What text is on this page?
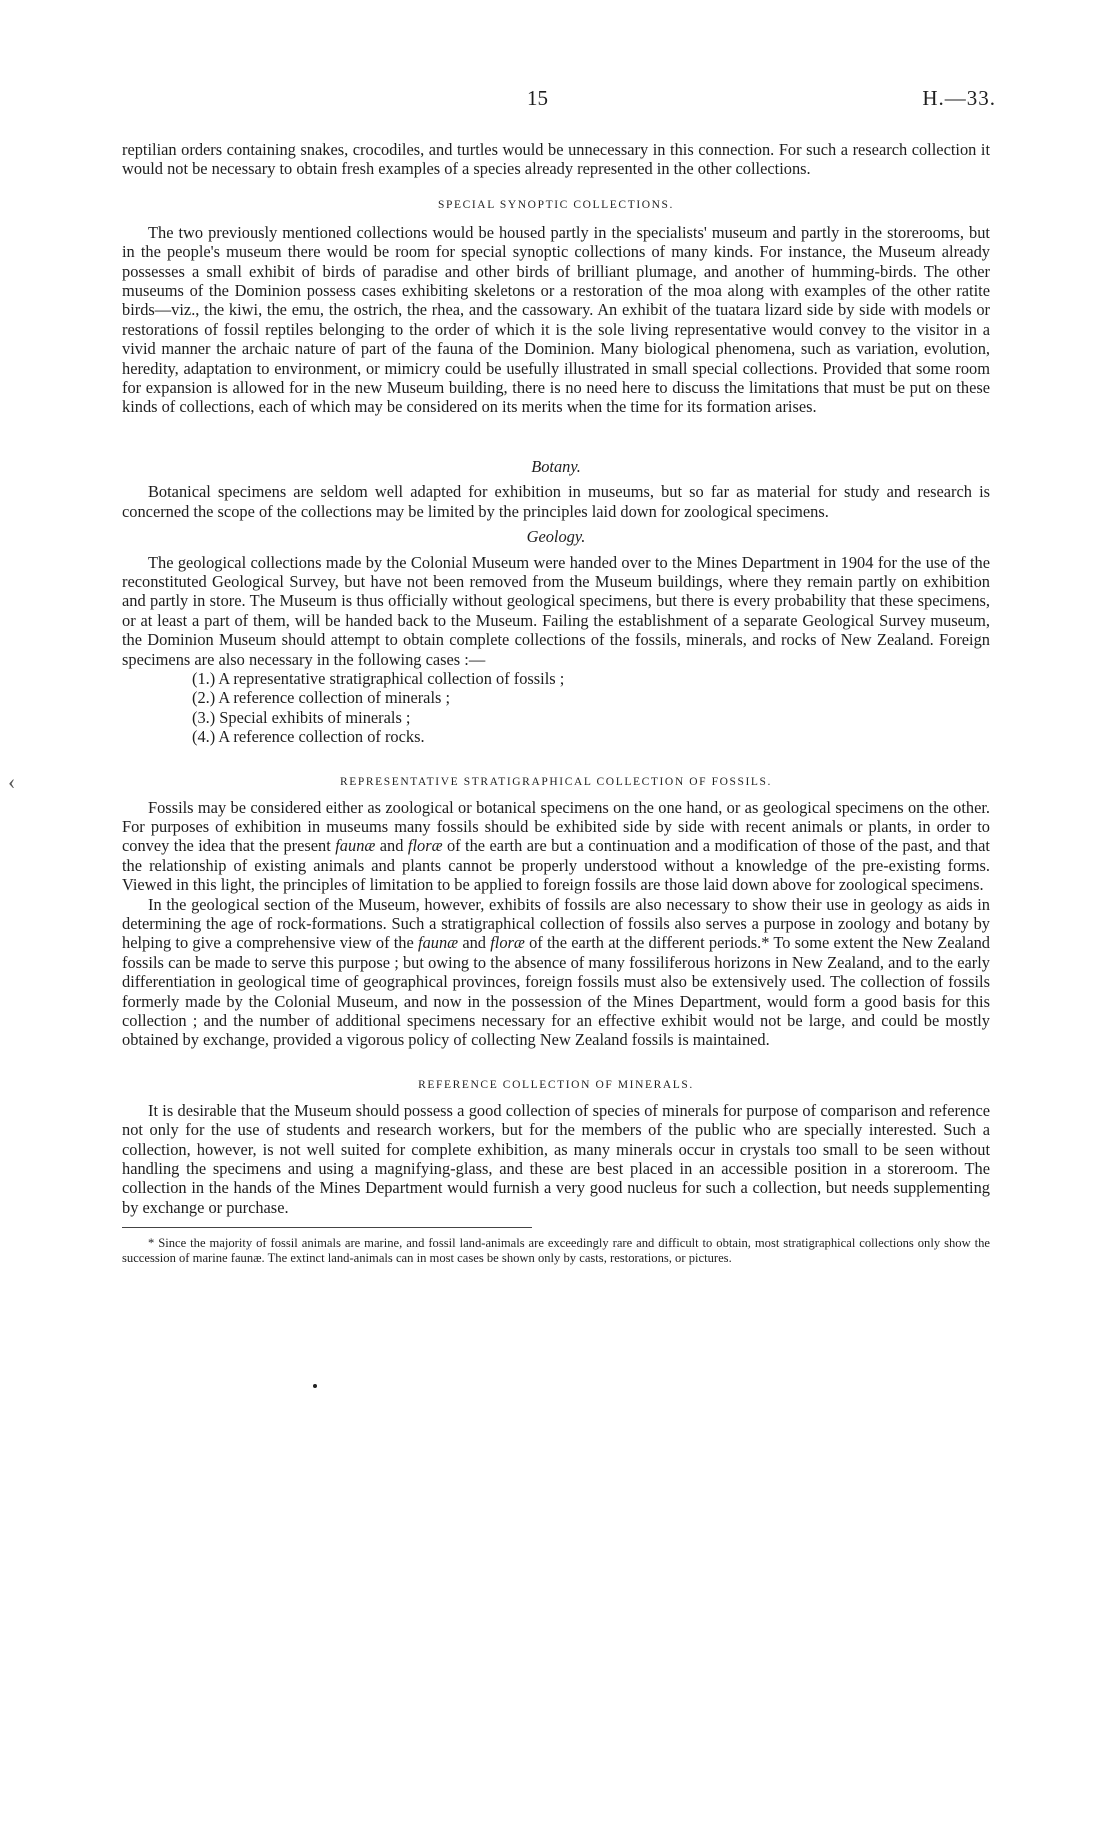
‹
15	H.—33.

reptilian orders containing snakes, crocodiles, and turtles would be unnecessary in this connection. For such a research collection it would not be necessary to obtain fresh examples of a species already represented in the other collections.

SPECIAL SYNOPTIC COLLECTIONS.

The two previously mentioned collections would be housed partly in the specialists' museum and partly in the storerooms, but in the people's museum there would be room for special synoptic collections of many kinds. For instance, the Museum already possesses a small exhibit of birds of paradise and other birds of brilliant plumage, and another of humming-birds. The other museums of the Dominion possess cases exhibiting skeletons or a restoration of the moa along with examples of the other ratite birds—viz., the kiwi, the emu, the ostrich, the rhea, and the cassowary. An exhibit of the tuatara lizard side by side with models or restorations of fossil reptiles belonging to the order of which it is the sole living representative would convey to the visitor in a vivid manner the archaic nature of part of the fauna of the Dominion. Many biological phenomena, such as variation, evolution, heredity, adaptation to environment, or mimicry could be usefully illustrated in small special collections. Provided that some room for expansion is allowed for in the new Museum building, there is no need here to discuss the limitations that must be put on these kinds of collections, each of which may be considered on its merits when the time for its formation arises.

Botany.

Botanical specimens are seldom well adapted for exhibition in museums, but so far as material for study and research is concerned the scope of the collections may be limited by the principles laid down for zoological specimens.

Geology.

The geological collections made by the Colonial Museum were handed over to the Mines Department in 1904 for the use of the reconstituted Geological Survey, but have not been removed from the Museum buildings, where they remain partly on exhibition and partly in store. The Museum is thus officially without geological specimens, but there is every probability that these specimens, or at least a part of them, will be handed back to the Museum. Failing the establishment of a separate Geological Survey museum, the Dominion Museum should attempt to obtain complete collections of the fossils, minerals, and rocks of New Zealand. Foreign specimens are also necessary in the following cases :—

(1.) A representative stratigraphical collection of fossils ;
(2.) A reference collection of minerals ;
(3.) Special exhibits of minerals ;
(4.) A reference collection of rocks.

REPRESENTATIVE STRATIGRAPHICAL COLLECTION OF FOSSILS.

Fossils may be considered either as zoological or botanical specimens on the one hand, or as geological specimens on the other. For purposes of exhibition in museums many fossils should be exhibited side by side with recent animals or plants, in order to convey the idea that the present faunæ and floræ of the earth are but a continuation and a modification of those of the past, and that the relationship of existing animals and plants cannot be properly understood without a knowledge of the pre-existing forms. Viewed in this light, the principles of limitation to be applied to foreign fossils are those laid down above for zoological specimens.

In the geological section of the Museum, however, exhibits of fossils are also necessary to show their use in geology as aids in determining the age of rock-formations. Such a stratigraphical collection of fossils also serves a purpose in zoology and botany by helping to give a comprehensive view of the faunæ and floræ of the earth at the different periods.* To some extent the New Zealand fossils can be made to serve this purpose ; but owing to the absence of many fossiliferous horizons in New Zealand, and to the early differentiation in geological time of geographical provinces, foreign fossils must also be extensively used. The collection of fossils formerly made by the Colonial Museum, and now in the possession of the Mines Department, would form a good basis for this collection ; and the number of additional specimens necessary for an effective exhibit would not be large, and could be mostly obtained by exchange, provided a vigorous policy of collecting New Zealand fossils is maintained.

REFERENCE COLLECTION OF MINERALS.

It is desirable that the Museum should possess a good collection of species of minerals for purpose of comparison and reference not only for the use of students and research workers, but for the members of the public who are specially interested. Such a collection, however, is not well suited for complete exhibition, as many minerals occur in crystals too small to be seen without handling the specimens and using a magnifying-glass, and these are best placed in an accessible position in a storeroom. The collection in the hands of the Mines Department would furnish a very good nucleus for such a collection, but needs supplementing by exchange or purchase.

* Since the majority of fossil animals are marine, and fossil land-animals are exceedingly rare and difficult to obtain, most stratigraphical collections only show the succession of marine faunæ. The extinct land-animals can in most cases be shown only by casts, restorations, or pictures.
